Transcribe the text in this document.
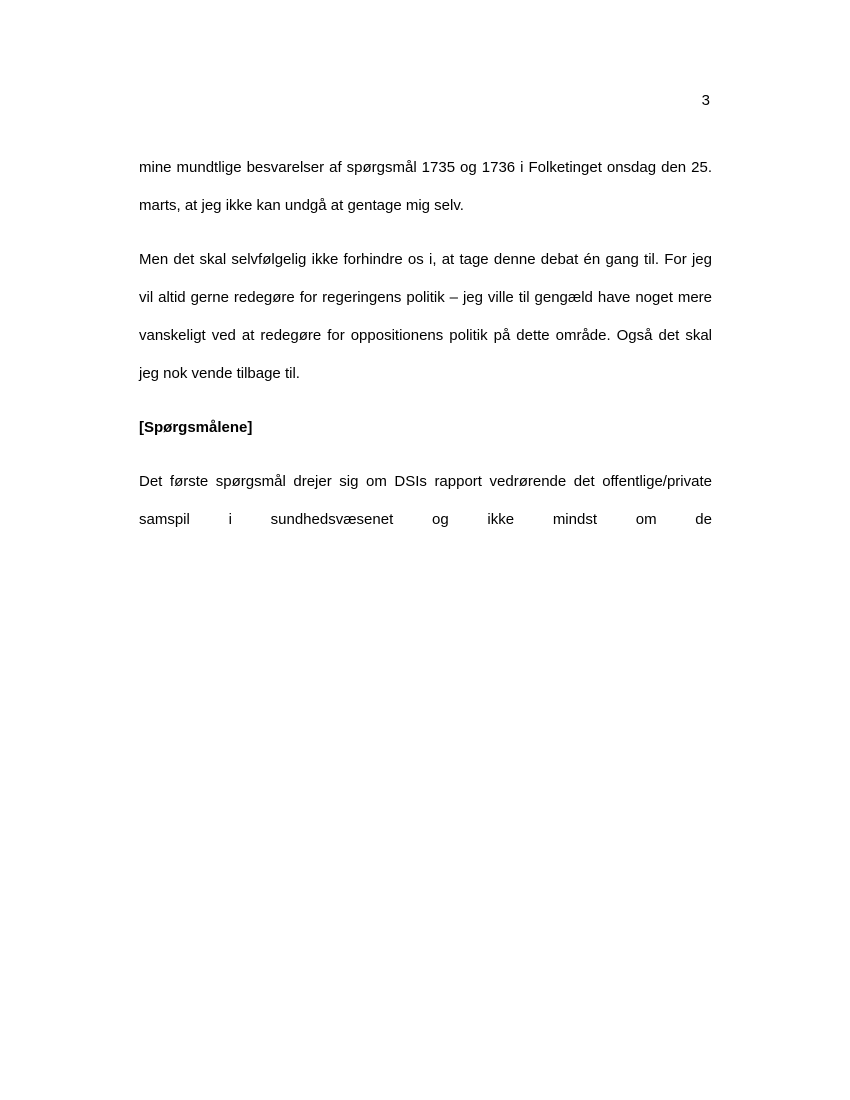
3

mine mundtlige besvarelser af spørgsmål 1735 og 1736 i Folketinget onsdag den 25. marts, at jeg ikke kan undgå at gentage mig selv.

Men det skal selvfølgelig ikke forhindre os i, at tage denne debat én gang til. For jeg vil altid gerne redegøre for regeringens politik – jeg ville til gengæld have noget mere vanskeligt ved at redegøre for oppositionens politik på dette område. Også det skal jeg nok vende tilbage til.

[Spørgsmålene]

Det første spørgsmål drejer sig om DSIs rapport vedrørende det offentlige/private samspil i sundhedsvæsenet og ikke mindst om de
